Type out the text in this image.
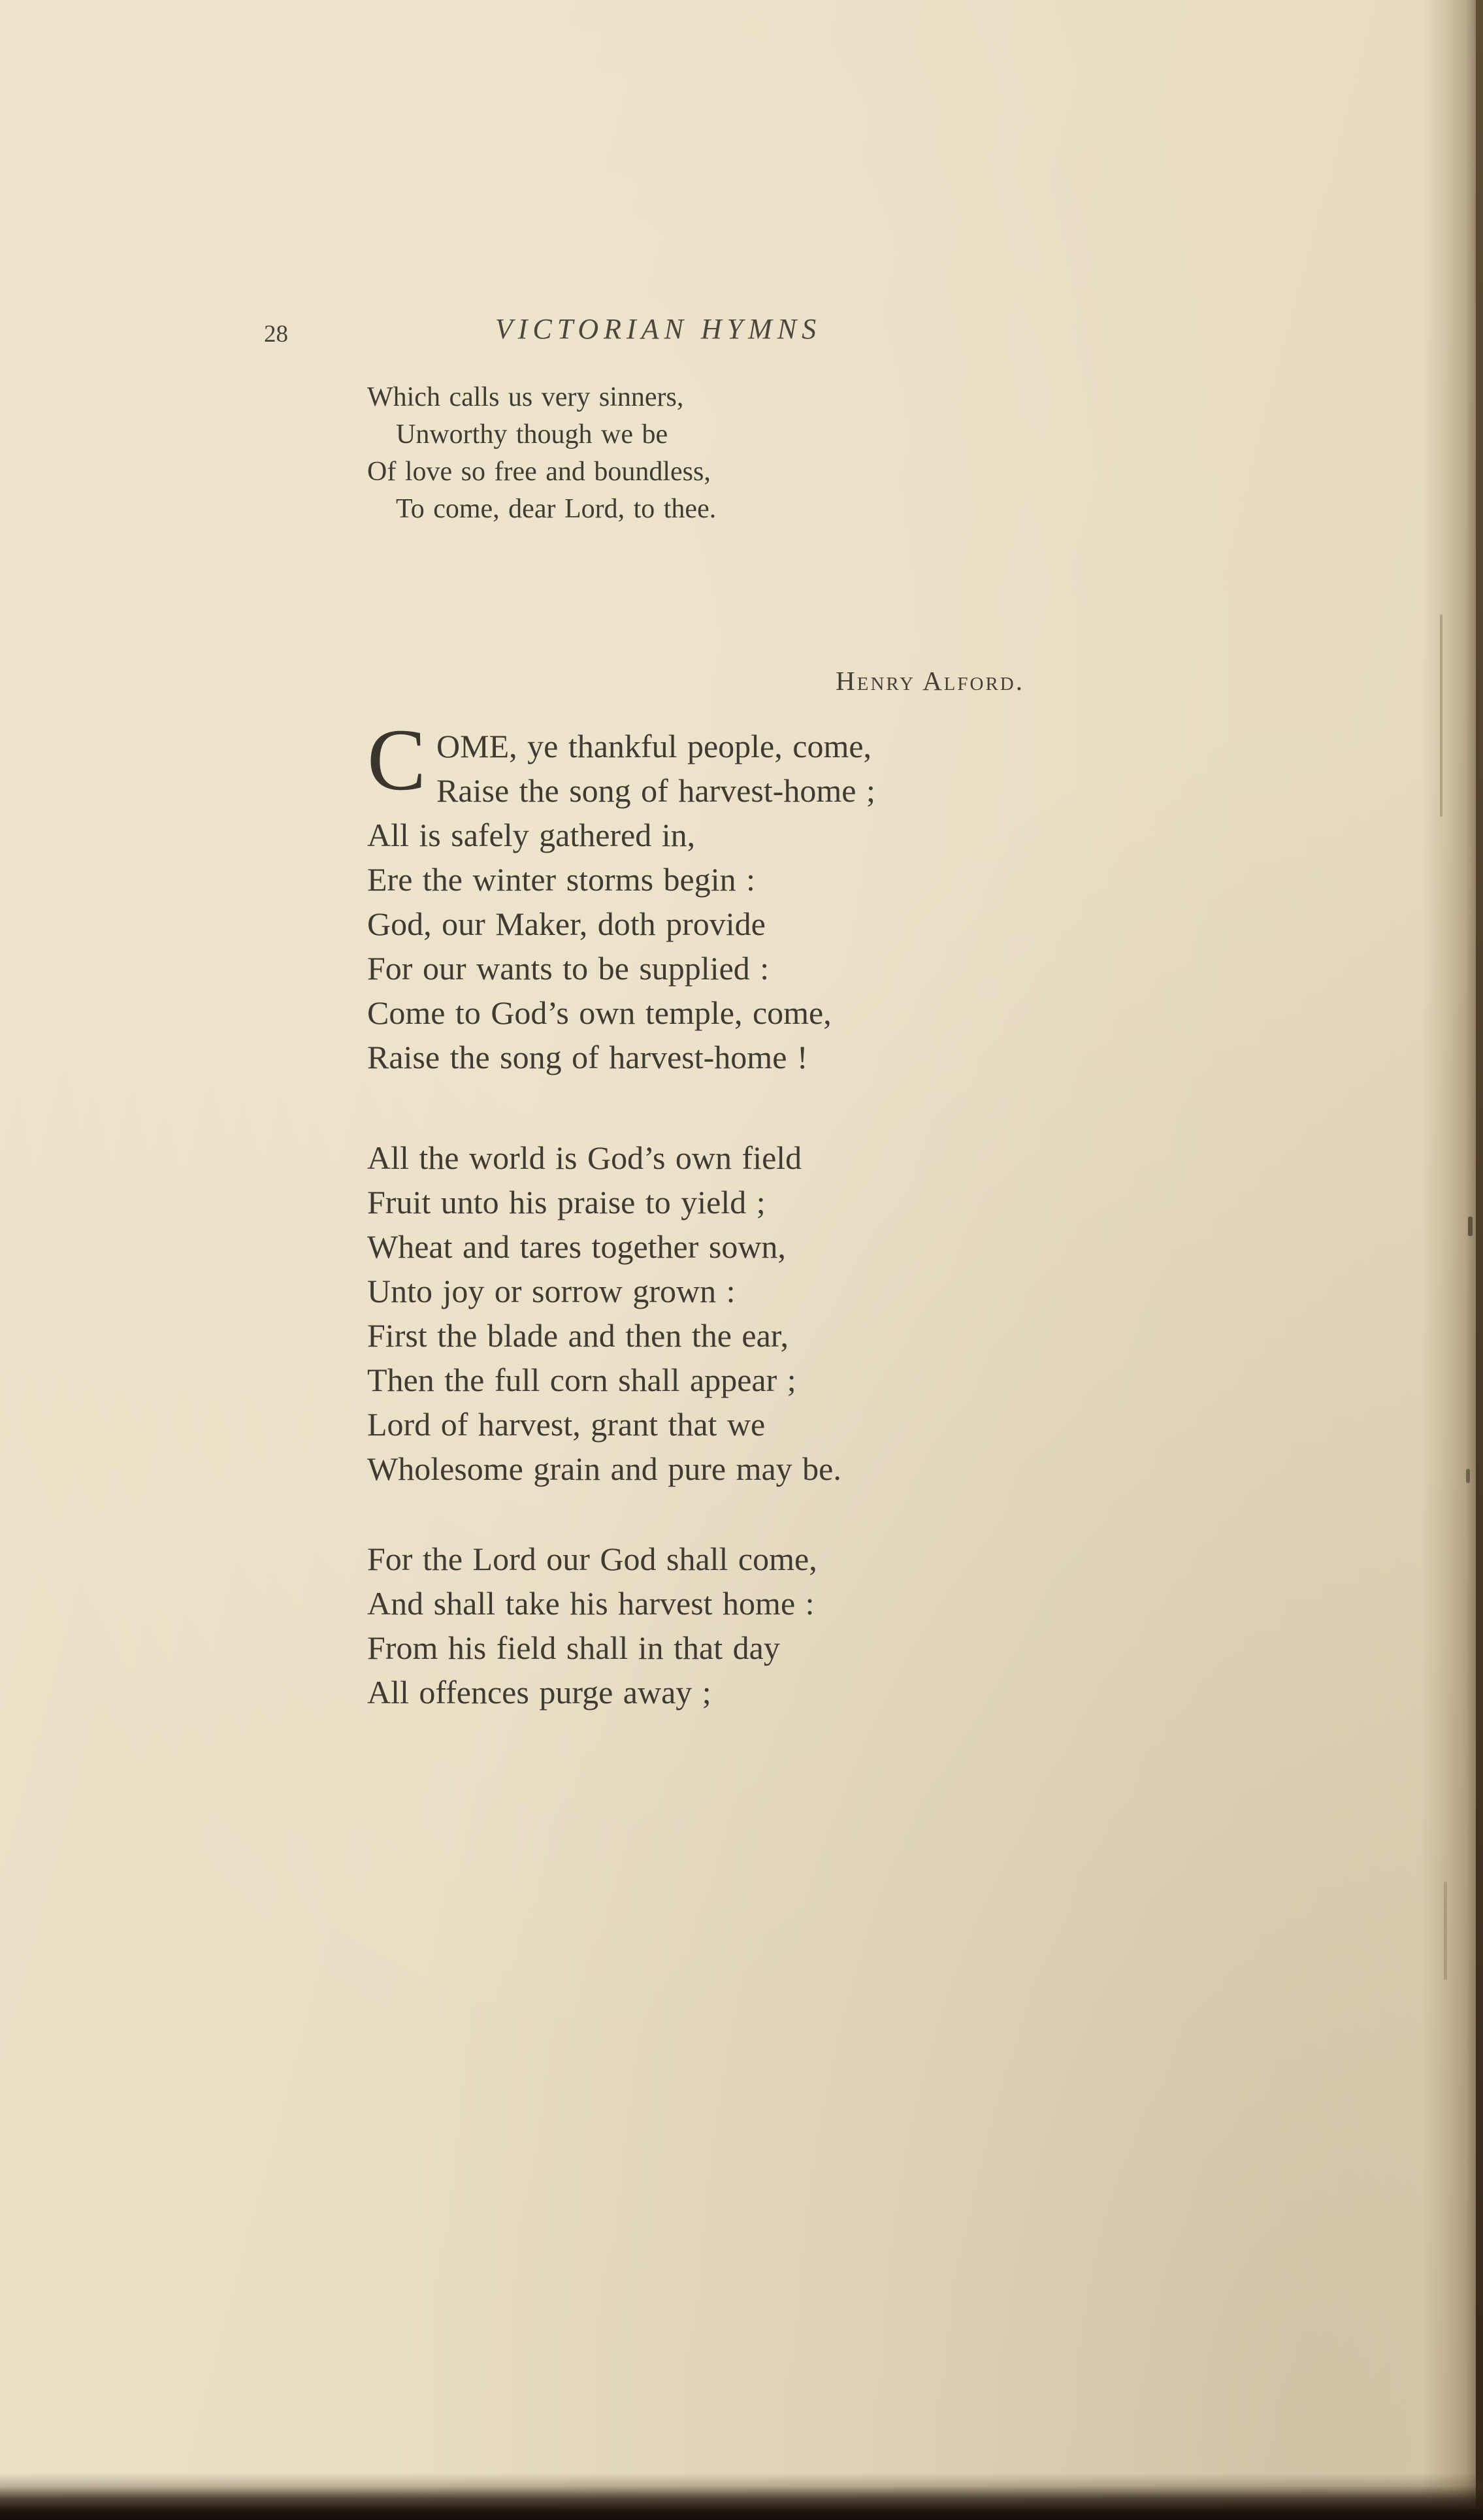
28	VICTORIAN HYMNS
Which calls us very sinners,
Unworthy though we be
Of love so free and boundless,
To come, dear Lord, to thee.
Henry Alford.
C OME, ye thankful people, come,
Raise the song of harvest-home ;
All is safely gathered in,
Ere the winter storms begin :
God, our Maker, doth provide
For our wants to be supplied :
Come to God’s own temple, come,
Raise the song of harvest-home !
All the world is God’s own field
Fruit unto his praise to yield ;
Wheat and tares together sown,
Unto joy or sorrow grown :
First the blade and then the ear,
Then the full corn shall appear ;
Lord of harvest, grant that we
Wholesome grain and pure may be.
For the Lord our God shall come,
And shall take his harvest home :
From his field shall in that day
All offences purge away ;
